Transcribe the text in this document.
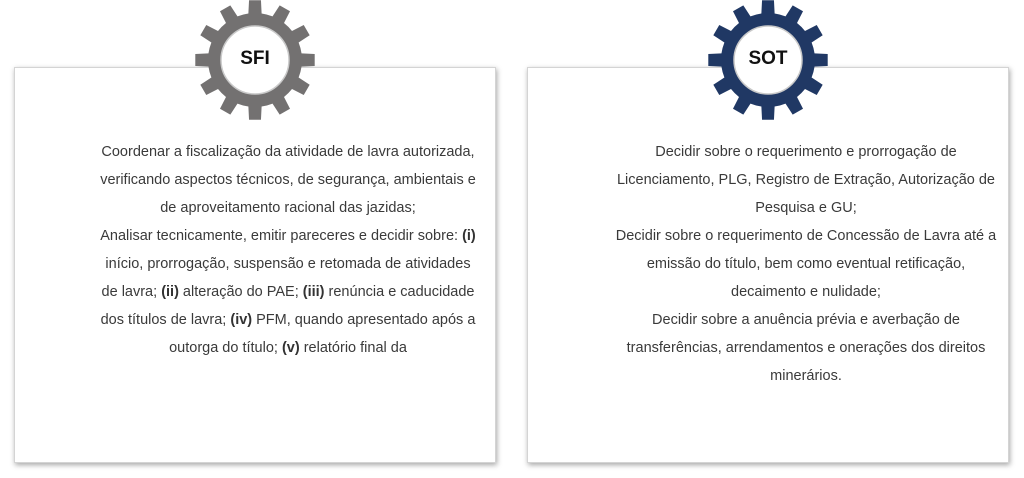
Coordenar a fiscalização da atividade de lavra autorizada, verificando aspectos técnicos, de segurança, ambientais e de aproveitamento racional das jazidas;

Analisar tecnicamente, emitir pareceres e decidir sobre: (i) início, prorrogação, suspensão e retomada de atividades de lavra; (ii) alteração do PAE; (iii) renúncia e caducidade dos títulos de lavra; (iv) PFM, quando apresentado após a outorga do título; (v) relatório final da

Decidir sobre o requerimento e prorrogação de Licenciamento, PLG, Registro de Extração, Autorização de Pesquisa e GU;

Decidir sobre o requerimento de Concessão de Lavra até a emissão do título, bem como eventual retificação, decaimento e nulidade;

Decidir sobre a anuência prévia e averbação de transferências, arrendamentos e onerações dos direitos minerários.

SFI	SOT
